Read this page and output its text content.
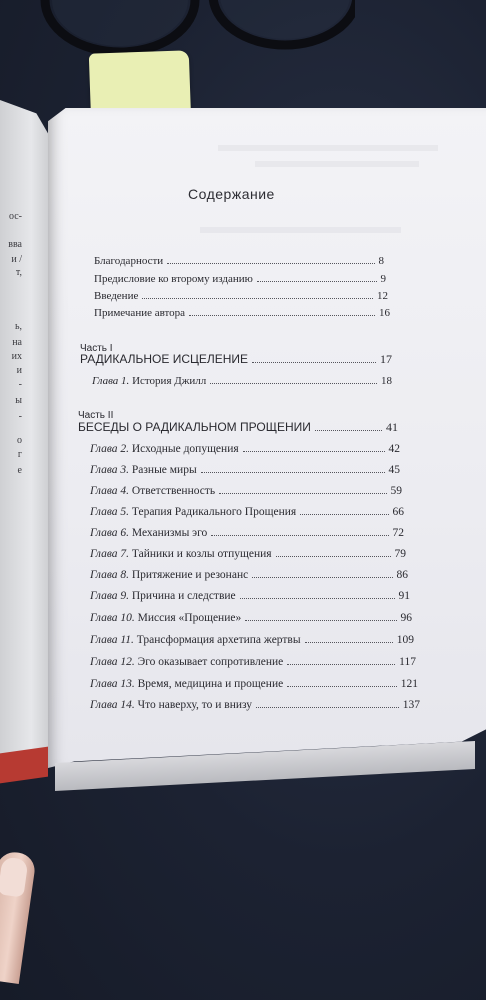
ос-
вва
и /
т,
ь,
на
их
и
-
ы
-
о
г
е
Содержание
Благодарности	8
Предисловие ко второму изданию	9
Введение	12
Примечание автора	16
Часть I
РАДИКАЛЬНОЕ ИСЦЕЛЕНИЕ	17
Глава 1. История Джилл	18
Часть II
БЕСЕДЫ О РАДИКАЛЬНОМ ПРОЩЕНИИ	41
Глава 2. Исходные допущения	42
Глава 3. Разные миры	45
Глава 4. Ответственность	59
Глава 5. Терапия Радикального Прощения	66
Глава 6. Механизмы эго	72
Глава 7. Тайники и козлы отпущения	79
Глава 8. Притяжение и резонанс	86
Глава 9. Причина и следствие	91
Глава 10. Миссия «Прощение»	96
Глава 11. Трансформация архетипа жертвы	109
Глава 12. Эго оказывает сопротивление	117
Глава 13. Время, медицина и прощение	121
Глава 14. Что наверху, то и внизу	137
